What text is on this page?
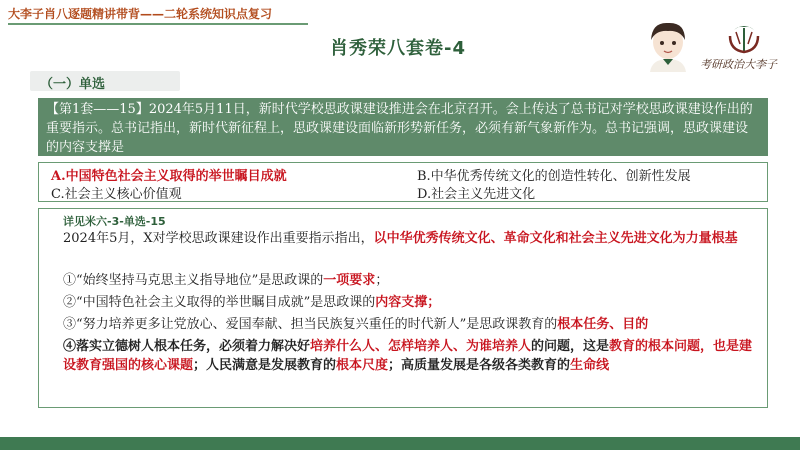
大李子肖八逐题精讲带背——二轮系统知识点复习
肖秀荣八套卷-4
考研政治大李子
（一）单选
【第1套——15】2024年5月11日，新时代学校思政课建设推进会在北京召开。会上传达了总书记对学校思政课建设作出的重要指示。总书记指出，新时代新征程上，思政课建设面临新形势新任务，必须有新气象新作为。总书记强调，思政课建设的内容支撑是
A.中国特色社会主义取得的举世瞩目成就	B.中华优秀传统文化的创造性转化、创新性发展
C.社会主义核心价值观	D.社会主义先进文化
详见米六-3-单选-15
2024年5月，X对学校思政课建设作出重要指示指出，以中华优秀传统文化、革命文化和社会主义先进文化为力量根基
①“始终坚持马克思主义指导地位”是思政课的一项要求；
②“中国特色社会主义取得的举世瞩目成就”是思政课的内容支撑；
③“努力培养更多让党放心、爱国奉献、担当民族复兴重任的时代新人”是思政课教育的根本任务、目的
④落实立德树人根本任务，必须着力解决好培养什么人、怎样培养人、为谁培养人的问题，这是教育的根本问题，也是建设教育强国的核心课题；人民满意是发展教育的根本尺度；高质量发展是各级各类教育的生命线
